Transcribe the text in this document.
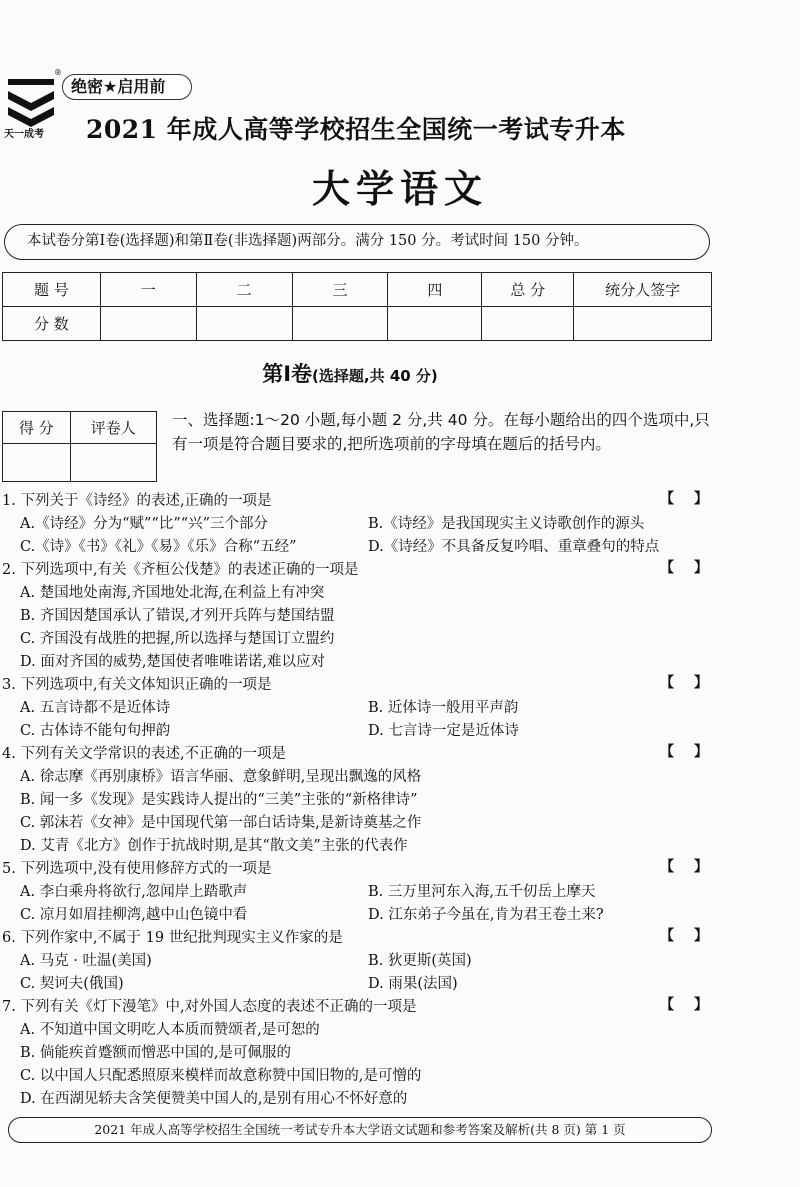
天一成考
®
绝密★启用前
2021 年成人高等学校招生全国统一考试专升本
大学语文
本试卷分第Ⅰ卷(选择题)和第Ⅱ卷(非选择题)两部分。满分 150 分。考试时间 150 分钟。
题 号	一	二	三	四	总 分	统分人签字
分 数						
第Ⅰ卷(选择题,共 40 分)
得 分	评卷人
	一、选择题:1～20 小题,每小题 2 分,共 40 分。在每小题给出的四个选项中,只有一项是符合题目要求的,把所选项前的字母填在题后的括号内。
1. 下列关于《诗经》的表述,正确的一项是	【 】
A.《诗经》分为“赋”“比”“兴”三个部分	B.《诗经》是我国现实主义诗歌创作的源头
C.《诗》《书》《礼》《易》《乐》合称“五经”	D.《诗经》不具备反复吟唱、重章叠句的特点
2. 下列选项中,有关《齐桓公伐楚》的表述正确的一项是	【 】
A. 楚国地处南海,齐国地处北海,在利益上有冲突
B. 齐国因楚国承认了错误,才列开兵阵与楚国结盟
C. 齐国没有战胜的把握,所以选择与楚国订立盟约
D. 面对齐国的威势,楚国使者唯唯诺诺,难以应对
3. 下列选项中,有关文体知识正确的一项是	【 】
A. 五言诗都不是近体诗	B. 近体诗一般用平声韵
C. 古体诗不能句句押韵	D. 七言诗一定是近体诗
4. 下列有关文学常识的表述,不正确的一项是	【 】
A. 徐志摩《再别康桥》语言华丽、意象鲜明,呈现出飘逸的风格
B. 闻一多《发现》是实践诗人提出的“三美”主张的“新格律诗”
C. 郭沫若《女神》是中国现代第一部白话诗集,是新诗奠基之作
D. 艾青《北方》创作于抗战时期,是其“散文美”主张的代表作
5. 下列选项中,没有使用修辞方式的一项是	【 】
A. 李白乘舟将欲行,忽闻岸上踏歌声	B. 三万里河东入海,五千仞岳上摩天
C. 凉月如眉挂柳湾,越中山色镜中看	D. 江东弟子今虽在,肯为君王卷土来?
6. 下列作家中,不属于 19 世纪批判现实主义作家的是	【 】
A. 马克 · 吐温(美国)	B. 狄更斯(英国)
C. 契诃夫(俄国)	D. 雨果(法国)
7. 下列有关《灯下漫笔》中,对外国人态度的表述不正确的一项是	【 】
A. 不知道中国文明吃人本质而赞颂者,是可恕的
B. 倘能疾首蹙额而憎恶中国的,是可佩服的
C. 以中国人只配悉照原来模样而故意称赞中国旧物的,是可憎的
D. 在西湖见轿夫含笑便赞美中国人的,是别有用心不怀好意的
2021 年成人高等学校招生全国统一考试专升本大学语文试题和参考答案及解析(共 8 页) 第 1 页
